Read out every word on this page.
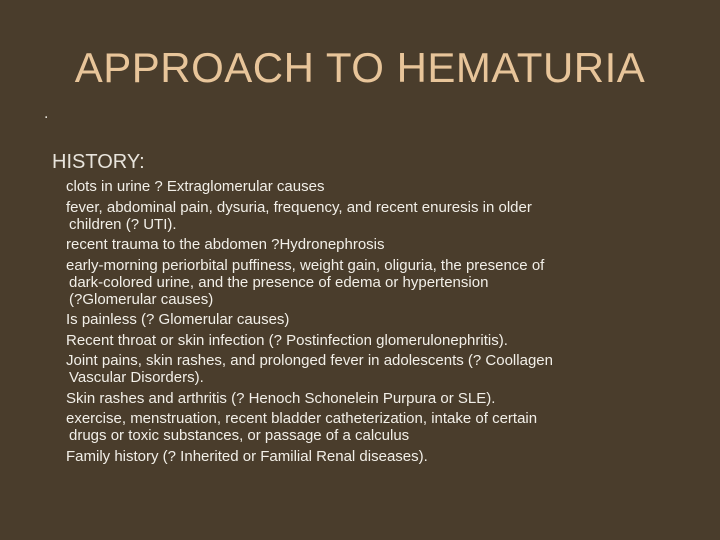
APPROACH TO HEMATURIA
.
HISTORY:
clots in urine ? Extraglomerular causes
fever, abdominal pain, dysuria, frequency, and recent enuresis in older
children (? UTI).
recent trauma to the abdomen ?Hydronephrosis
early-morning periorbital puffiness, weight gain, oliguria, the presence of
dark-colored urine, and the presence of edema or hypertension
(?Glomerular causes)
Is painless (? Glomerular causes)
Recent throat or skin infection (? Postinfection glomerulonephritis).
Joint pains, skin rashes, and prolonged fever in adolescents (? Coollagen
Vascular Disorders).
Skin rashes and arthritis (? Henoch Schonelein Purpura or SLE).
exercise, menstruation, recent bladder catheterization, intake of certain
drugs or toxic substances, or passage of a calculus
Family history (? Inherited or Familial Renal diseases).
